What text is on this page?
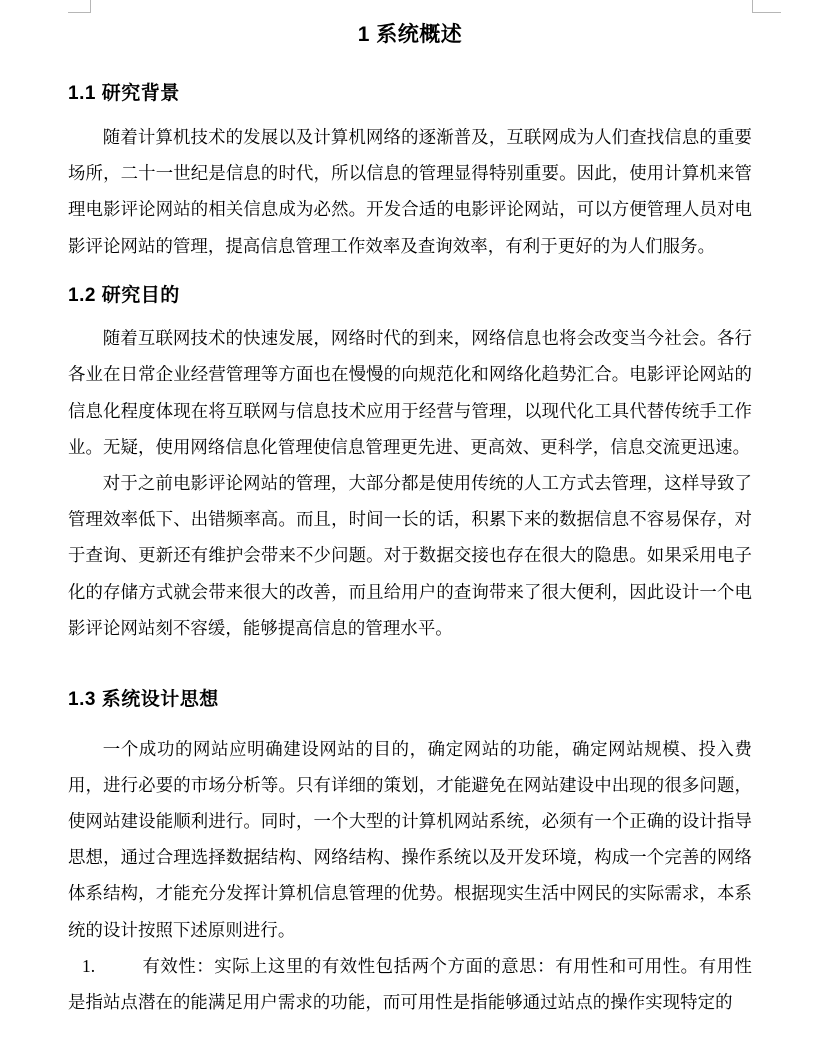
1 系统概述
1.1 研究背景

随着计算机技术的发展以及计算机网络的逐渐普及，互联网成为人们查找信息的重要场所，二十一世纪是信息的时代，所以信息的管理显得特别重要。因此，使用计算机来管理电影评论网站的相关信息成为必然。开发合适的电影评论网站，可以方便管理人员对电影评论网站的管理，提高信息管理工作效率及查询效率，有利于更好的为人们服务。

1.2 研究目的

随着互联网技术的快速发展，网络时代的到来，网络信息也将会改变当今社会。各行各业在日常企业经营管理等方面也在慢慢的向规范化和网络化趋势汇合。电影评论网站的信息化程度体现在将互联网与信息技术应用于经营与管理，以现代化工具代替传统手工作业。无疑，使用网络信息化管理使信息管理更先进、更高效、更科学，信息交流更迅速。

对于之前电影评论网站的管理，大部分都是使用传统的人工方式去管理，这样导致了管理效率低下、出错频率高。而且，时间一长的话，积累下来的数据信息不容易保存，对于查询、更新还有维护会带来不少问题。对于数据交接也存在很大的隐患。如果采用电子化的存储方式就会带来很大的改善，而且给用户的查询带来了很大便利，因此设计一个电影评论网站刻不容缓，能够提高信息的管理水平。

1.3 系统设计思想

一个成功的网站应明确建设网站的目的，确定网站的功能，确定网站规模、投入费用，进行必要的市场分析等。只有详细的策划，才能避免在网站建设中出现的很多问题，使网站建设能顺利进行。同时，一个大型的计算机网站系统，必须有一个正确的设计指导思想，通过合理选择数据结构、网络结构、操作系统以及开发环境，构成一个完善的网络体系结构，才能充分发挥计算机信息管理的优势。根据现实生活中网民的实际需求，本系统的设计按照下述原则进行。

1.	有效性：实际上这里的有效性包括两个方面的意思：有用性和可用性。有用性是指站点潜在的能满足用户需求的功能，而可用性是指能够通过站点的操作实现特定的
